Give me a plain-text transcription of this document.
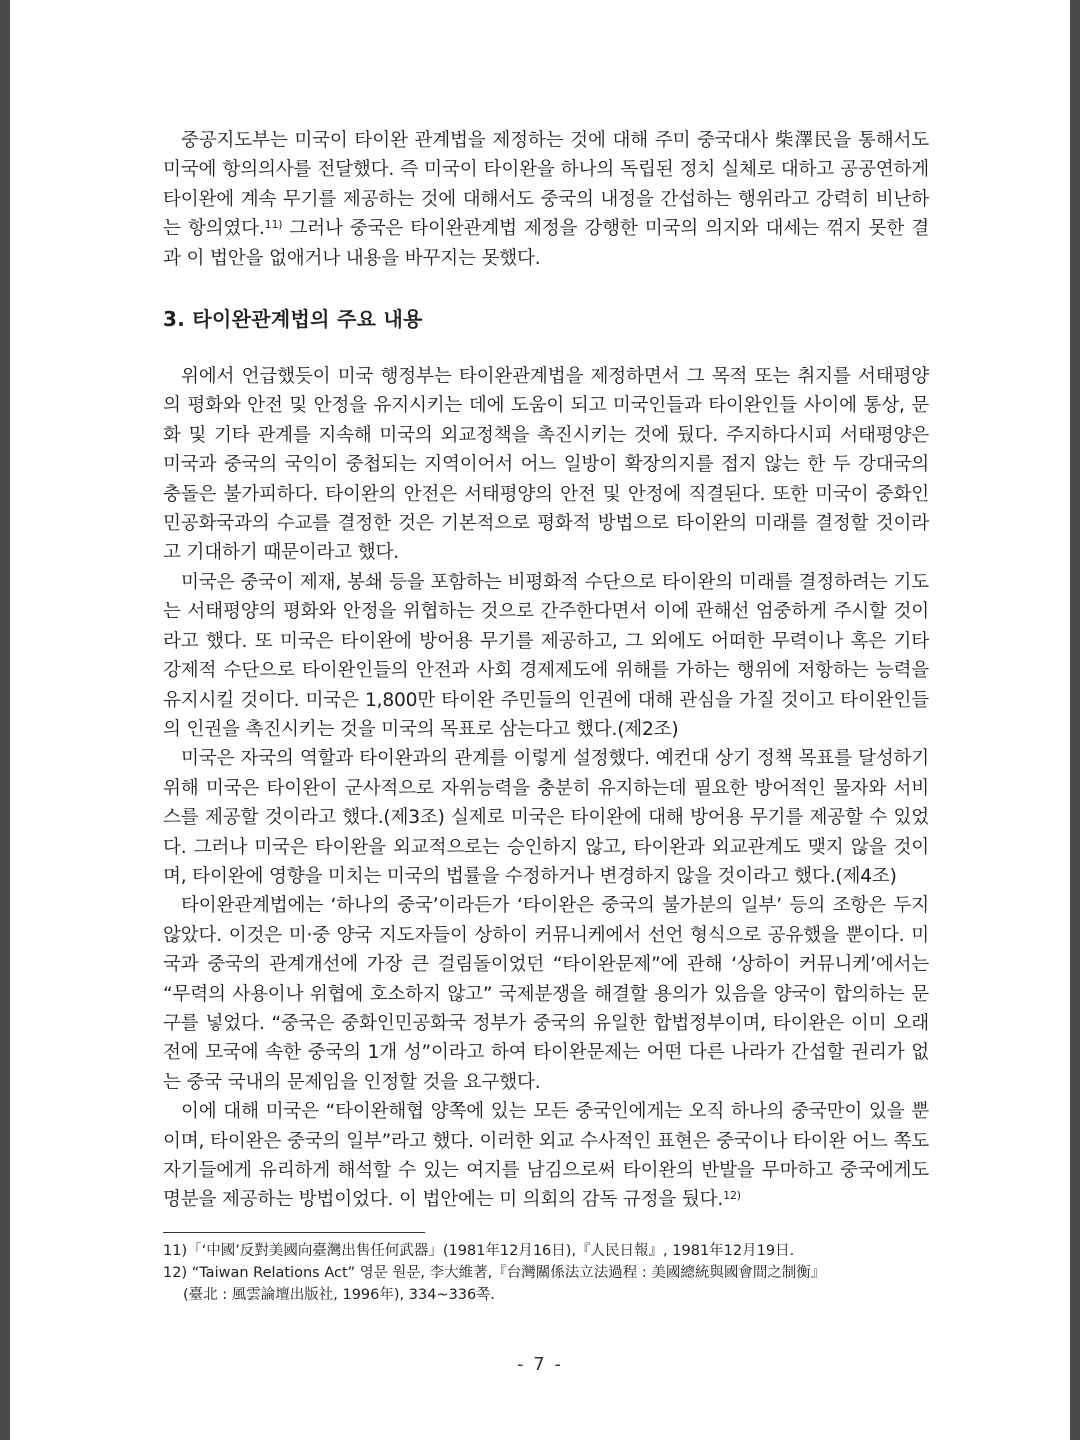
중공지도부는 미국이 타이완 관계법을 제정하는 것에 대해 주미 중국대사 柴澤民을 통해서도 미국에 항의의사를 전달했다. 즉 미국이 타이완을 하나의 독립된 정치 실체로 대하고 공공연하게 타이완에 계속 무기를 제공하는 것에 대해서도 중국의 내정을 간섭하는 행위라고 강력히 비난하는 항의였다.$^{11)}$ 그러나 중국은 타이완관계법 제정을 강행한 미국의 의지와 대세는 꺾지 못한 결과 이 법안을 없애거나 내용을 바꾸지는 못했다.

3. 타이완관계법의 주요 내용

위에서 언급했듯이 미국 행정부는 타이완관계법을 제정하면서 그 목적 또는 취지를 서태평양의 평화와 안전 및 안정을 유지시키는 데에 도움이 되고 미국인들과 타이완인들 사이에 통상, 문화 및 기타 관계를 지속해 미국의 외교정책을 촉진시키는 것에 뒀다. 주지하다시피 서태평양은 미국과 중국의 국익이 중첩되는 지역이어서 어느 일방이 확장의지를 접지 않는 한 두 강대국의 충돌은 불가피하다. 타이완의 안전은 서태평양의 안전 및 안정에 직결된다. 또한 미국이 중화인민공화국과의 수교를 결정한 것은 기본적으로 평화적 방법으로 타이완의 미래를 결정할 것이라고 기대하기 때문이라고 했다.

미국은 중국이 제재, 봉쇄 등을 포함하는 비평화적 수단으로 타이완의 미래를 결정하려는 기도는 서태평양의 평화와 안정을 위협하는 것으로 간주한다면서 이에 관해선 엄중하게 주시할 것이라고 했다. 또 미국은 타이완에 방어용 무기를 제공하고, 그 외에도 어떠한 무력이나 혹은 기타 강제적 수단으로 타이완인들의 안전과 사회 경제제도에 위해를 가하는 행위에 저항하는 능력을 유지시킬 것이다. 미국은 1,800만 타이완 주민들의 인권에 대해 관심을 가질 것이고 타이완인들의 인권을 촉진시키는 것을 미국의 목표로 삼는다고 했다.(제2조)

미국은 자국의 역할과 타이완과의 관계를 이렇게 설정했다. 예컨대 상기 정책 목표를 달성하기 위해 미국은 타이완이 군사적으로 자위능력을 충분히 유지하는데 필요한 방어적인 물자와 서비스를 제공할 것이라고 했다.(제3조) 실제로 미국은 타이완에 대해 방어용 무기를 제공할 수 있었다. 그러나 미국은 타이완을 외교적으로는 승인하지 않고, 타이완과 외교관계도 맺지 않을 것이며, 타이완에 영향을 미치는 미국의 법률을 수정하거나 변경하지 않을 것이라고 했다.(제4조)

타이완관계법에는 ‘하나의 중국’이라든가 ‘타이완은 중국의 불가분의 일부’ 등의 조항은 두지 않았다. 이것은 미·중 양국 지도자들이 상하이 커뮤니케에서 선언 형식으로 공유했을 뿐이다. 미국과 중국의 관계개선에 가장 큰 걸림돌이었던 “타이완문제”에 관해 ‘상하이 커뮤니케’에서는 “무력의 사용이나 위협에 호소하지 않고” 국제분쟁을 해결할 용의가 있음을 양국이 합의하는 문구를 넣었다. “중국은 중화인민공화국 정부가 중국의 유일한 합법정부이며, 타이완은 이미 오래 전에 모국에 속한 중국의 1개 성”이라고 하여 타이완문제는 어떤 다른 나라가 간섭할 권리가 없는 중국 국내의 문제임을 인정할 것을 요구했다.

이에 대해 미국은 “타이완해협 양쪽에 있는 모든 중국인에게는 오직 하나의 중국만이 있을 뿐이며, 타이완은 중국의 일부”라고 했다. 이러한 외교 수사적인 표현은 중국이나 타이완 어느 쪽도 자기들에게 유리하게 해석할 수 있는 여지를 남김으로써 타이완의 반발을 무마하고 중국에게도 명분을 제공하는 방법이었다. 이 법안에는 미 의회의 감독 규정을 뒀다.$^{12)}$

11)「‘中國’反對美國向臺灣出售任何武器」(1981年12月16日),『人民日報』, 1981年12月19日.

12) “Taiwan Relations Act” 영문 원문, 李大維著,『台灣關係法立法過程 : 美國總統與國會間之制衡』

(臺北 : 風雲論壇出版社, 1996年), 334~336쪽.

- 7 -
